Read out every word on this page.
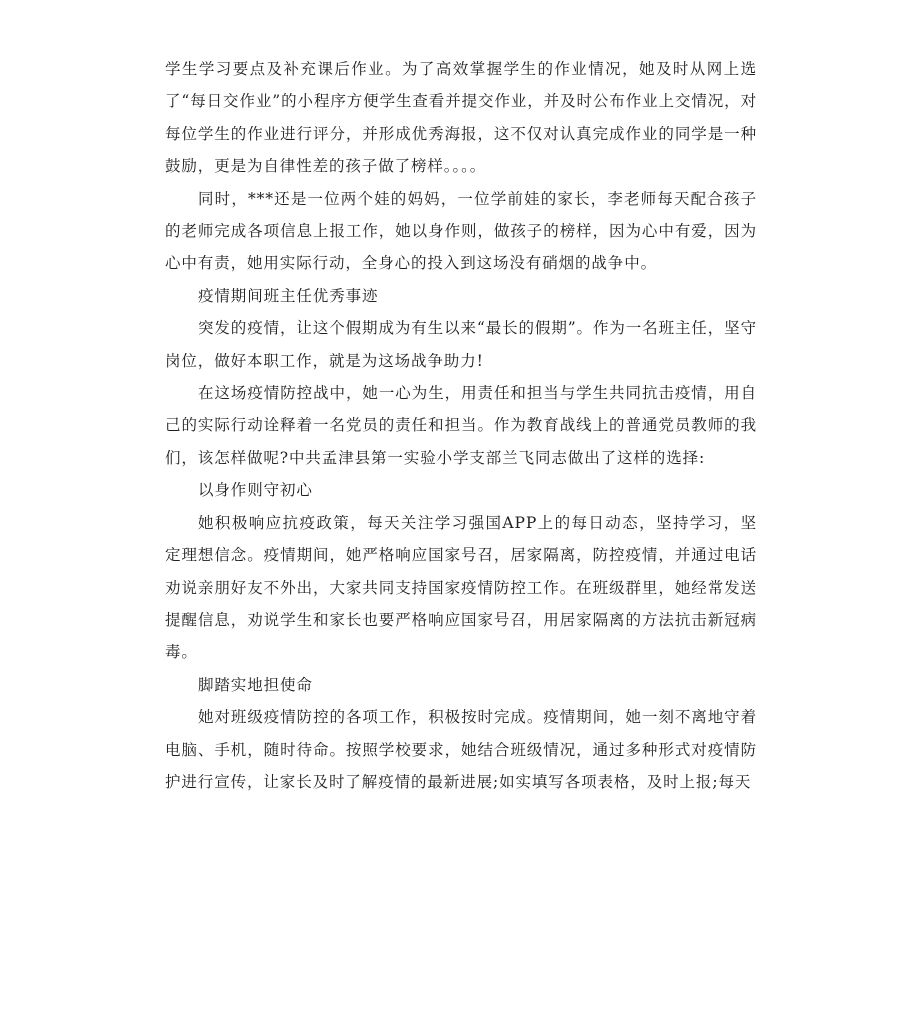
学生学习要点及补充课后作业。为了高效掌握学生的作业情况，她及时从网上选了“每日交作业”的小程序方便学生查看并提交作业，并及时公布作业上交情况，对每位学生的作业进行评分，并形成优秀海报，这不仅对认真完成作业的同学是一种鼓励，更是为自律性差的孩子做了榜样。。。。

同时，***还是一位两个娃的妈妈，一位学前娃的家长，李老师每天配合孩子的老师完成各项信息上报工作，她以身作则，做孩子的榜样，因为心中有爱，因为心中有责，她用实际行动，全身心的投入到这场没有硝烟的战争中。

疫情期间班主任优秀事迹

突发的疫情，让这个假期成为有生以来“最长的假期”。作为一名班主任，坚守岗位，做好本职工作，就是为这场战争助力!

在这场疫情防控战中，她一心为生，用责任和担当与学生共同抗击疫情，用自己的实际行动诠释着一名党员的责任和担当。作为教育战线上的普通党员教师的我们，该怎样做呢?中共孟津县第一实验小学支部兰飞同志做出了这样的选择:

以身作则守初心

她积极响应抗疫政策，每天关注学习强国APP上的每日动态，坚持学习，坚定理想信念。疫情期间，她严格响应国家号召，居家隔离，防控疫情，并通过电话劝说亲朋好友不外出，大家共同支持国家疫情防控工作。在班级群里，她经常发送提醒信息，劝说学生和家长也要严格响应国家号召，用居家隔离的方法抗击新冠病毒。

脚踏实地担使命

她对班级疫情防控的各项工作，积极按时完成。疫情期间，她一刻不离地守着电脑、手机，随时待命。按照学校要求，她结合班级情况，通过多种形式对疫情防护进行宣传，让家长及时了解疫情的最新进展;如实填写各项表格，及时上报;每天
